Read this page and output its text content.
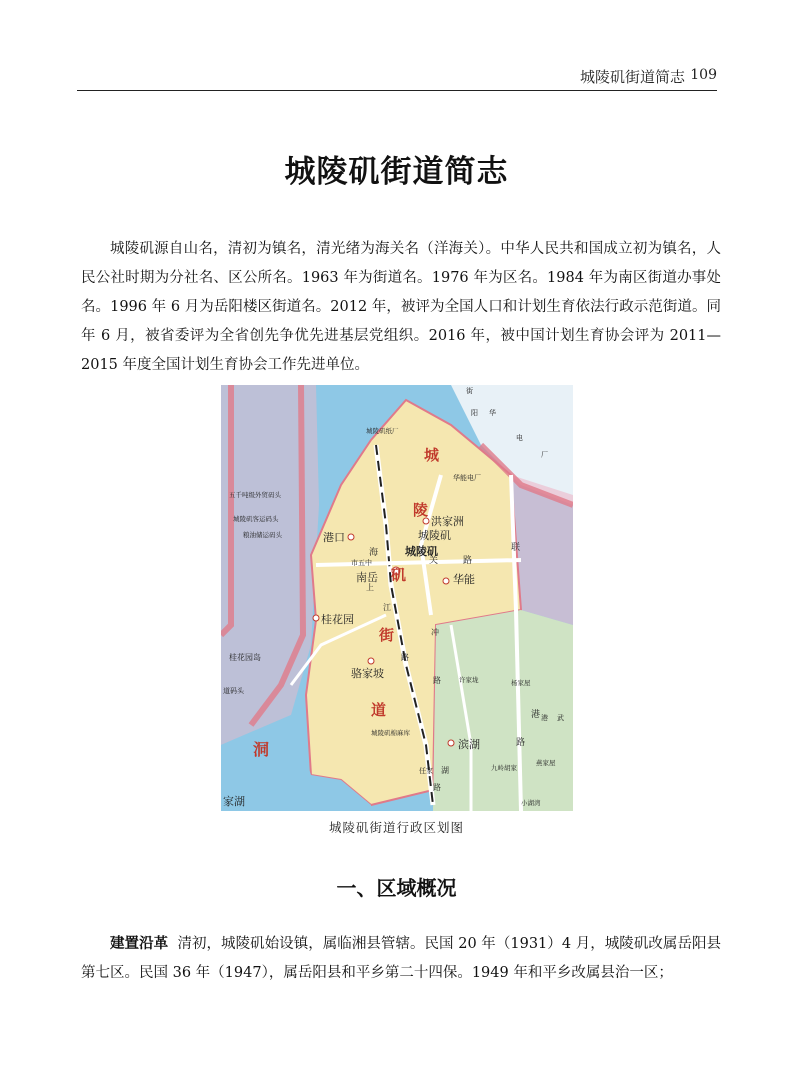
城陵矶街道简志 109
城陵矶街道简志

城陵矶源自山名，清初为镇名，清光绪为海关名（洋海关）。中华人民共和国成立初为镇名，人民公社时期为分社名、区公所名。1963 年为街道名。1976 年为区名。1984 年为南区街道办事处名。1996 年 6 月为岳阳楼区街道名。2012 年，被评为全国人口和计划生育依法行政示范街道。同年 6 月，被省委评为全省创先争优先进基层党组织。2016 年，被中国计划生育协会评为 2011—2015 年度全国计划生育协会工作先进单位。

港口
洪家洲
城陵矶
城陵矶
南岳	华能
桂花园
骆家坡
滨湖
市五中
华能电厂
桂花园岛
五千吨级外贸码头
城陵矶客运码头
粮油储运码头
城陵矶纸厂
城陵矶棉麻库
许家垅	杨家屋
九岭胡家
燕家屋
小湖湾
道码头
家湖
洞
任家
武
街
阳 华
电
厂
港
海
关	路
联
港
路
上
江
路
冲
路
湖
路
城
陵
矶
街
道
城陵矶街道行政区划图
一、区域概况

建置沿革 清初，城陵矶始设镇，属临湘县管辖。民国 20 年（1931）4 月，城陵矶改属岳阳县第七区。民国 36 年（1947），属岳阳县和平乡第二十四保。1949 年和平乡改属县治一区；
